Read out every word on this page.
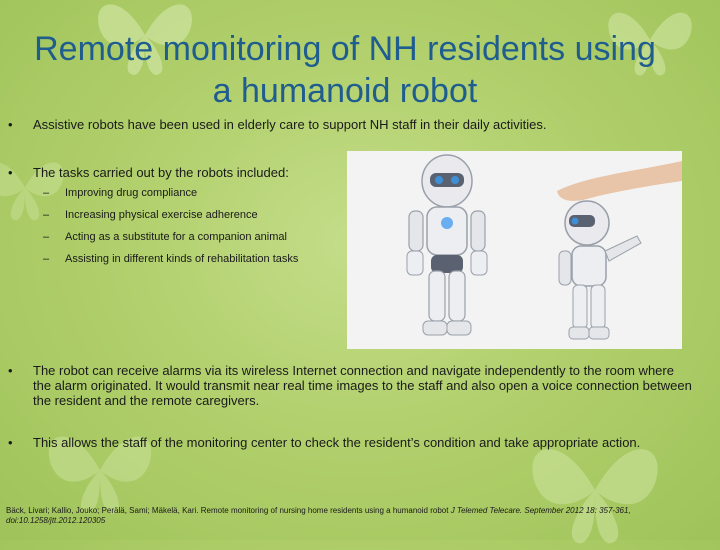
Remote monitoring of NH residents using
a humanoid robot
•	Assistive robots have been used in elderly care to support NH staff in their daily activities.
•	The tasks carried out by the robots included:
– Improving drug compliance
– Increasing physical exercise adherence
– Acting as a substitute for a companion animal
– Assisting in different kinds of rehabilitation tasks
•	The robot can receive alarms via its wireless Internet connection and navigate independently to the room where the alarm originated. It would transmit near real time images to the staff and also open a voice connection between the resident and the remote caregivers.
•	This allows the staff of the monitoring center to check the resident’s condition and take appropriate action.
Bäck, Livari; Kallio, Jouko; Perälä, Sami; Mäkelä, Kari. Remote monitoring of nursing home residents using a humanoid robot J Telemed Telecare. September 2012 18: 357-361,
doi:10.1258/jtt.2012.120305
